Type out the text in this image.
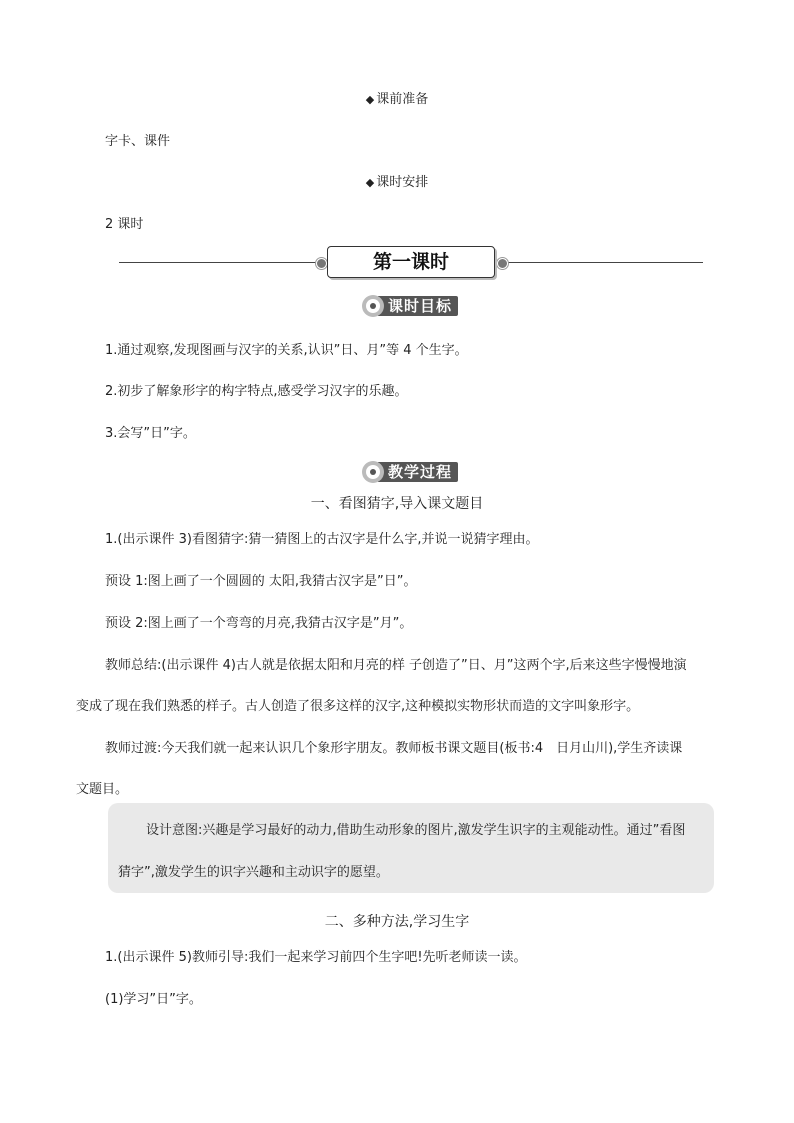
◆ 课前准备
字卡、课件
◆ 课时安排
2 课时
第一课时
课时目标
1.通过观察,发现图画与汉字的关系,认识”日、月”等 4 个生字。
2.初步了解象形字的构字特点,感受学习汉字的乐趣。
3.会写”日”字。
教学过程
一、看图猜字,导入课文题目
1.(出示课件 3)看图猜字:猜一猜图上的古汉字是什么字,并说一说猜字理由。
预设 1:图上画了一个圆圆的 太阳,我猜古汉字是”日”。
预设 2:图上画了一个弯弯的月亮,我猜古汉字是”月”。
教师总结:(出示课件 4)古人就是依据太阳和月亮的样 子创造了”日、月”这两个字,后来这些字慢慢地演
变成了现在我们熟悉的样子。古人创造了很多这样的汉字,这种模拟实物形状而造的文字叫象形字。
教师过渡:今天我们就一起来认识几个象形字朋友。教师板书课文题目(板书:4　日月山川),学生齐读课
文题目。
设计意图:兴趣是学习最好的动力,借助生动形象的图片,激发学生识字的主观能动性。通过”看图
猜字”,激发学生的识字兴趣和主动识字的愿望。
二、多种方法,学习生字
1.(出示课件 5)教师引导:我们一起来学习前四个生字吧!先听老师读一读。
(1)学习”日”字。
